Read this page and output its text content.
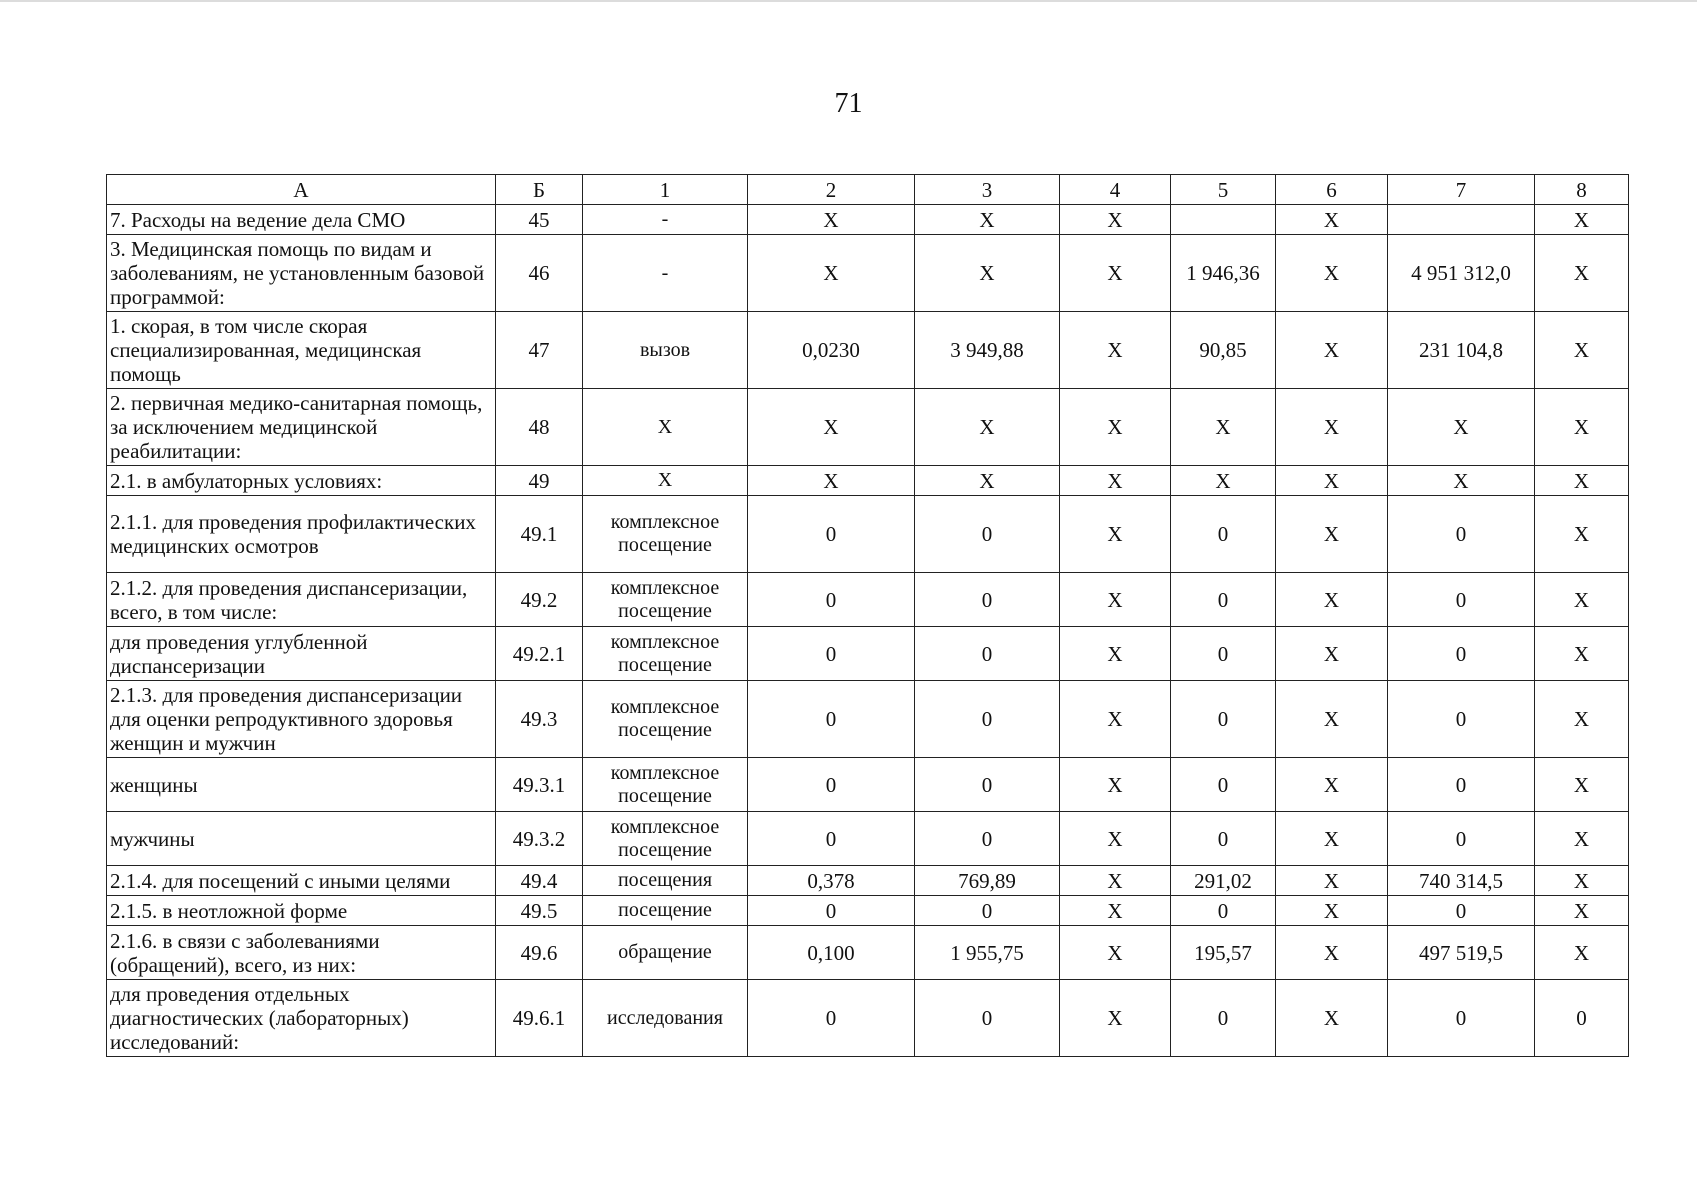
71
А	Б	1	2	3	4	5	6	7	8
7. Расходы на ведение дела СМО	45	-	X	X	X		X		X
3. Медицинская помощь по видам и заболеваниям, не установленным базовой программой:	46	-	X	X	X	1 946,36	X	4 951 312,0	X
1. скорая, в том числе скорая специализированная, медицинская помощь	47	вызов	0,0230	3 949,88	X	90,85	X	231 104,8	X
2. первичная медико-санитарная помощь, за исключением медицинской реабилитации:	48	X	X	X	X	X	X	X	X
2.1. в амбулаторных условиях:	49	X	X	X	X	X	X	X	X
2.1.1. для проведения профилактических медицинских осмотров	49.1	комплексное посещение	0	0	X	0	X	0	X
2.1.2. для проведения диспансеризации, всего, в том числе:	49.2	комплексное посещение	0	0	X	0	X	0	X
для проведения углубленной диспансеризации	49.2.1	комплексное посещение	0	0	X	0	X	0	X
2.1.3. для проведения диспансеризации для оценки репродуктивного здоровья женщин и мужчин	49.3	комплексное посещение	0	0	X	0	X	0	X
женщины	49.3.1	комплексное посещение	0	0	X	0	X	0	X
мужчины	49.3.2	комплексное посещение	0	0	X	0	X	0	X
2.1.4. для посещений с иными целями	49.4	посещения	0,378	769,89	X	291,02	X	740 314,5	X
2.1.5. в неотложной форме	49.5	посещение	0	0	X	0	X	0	X
2.1.6. в связи с заболеваниями (обращений), всего, из них:	49.6	обращение	0,100	1 955,75	X	195,57	X	497 519,5	X
для проведения отдельных диагностических (лабораторных) исследований:	49.6.1	исследования	0	0	X	0	X	0	0
